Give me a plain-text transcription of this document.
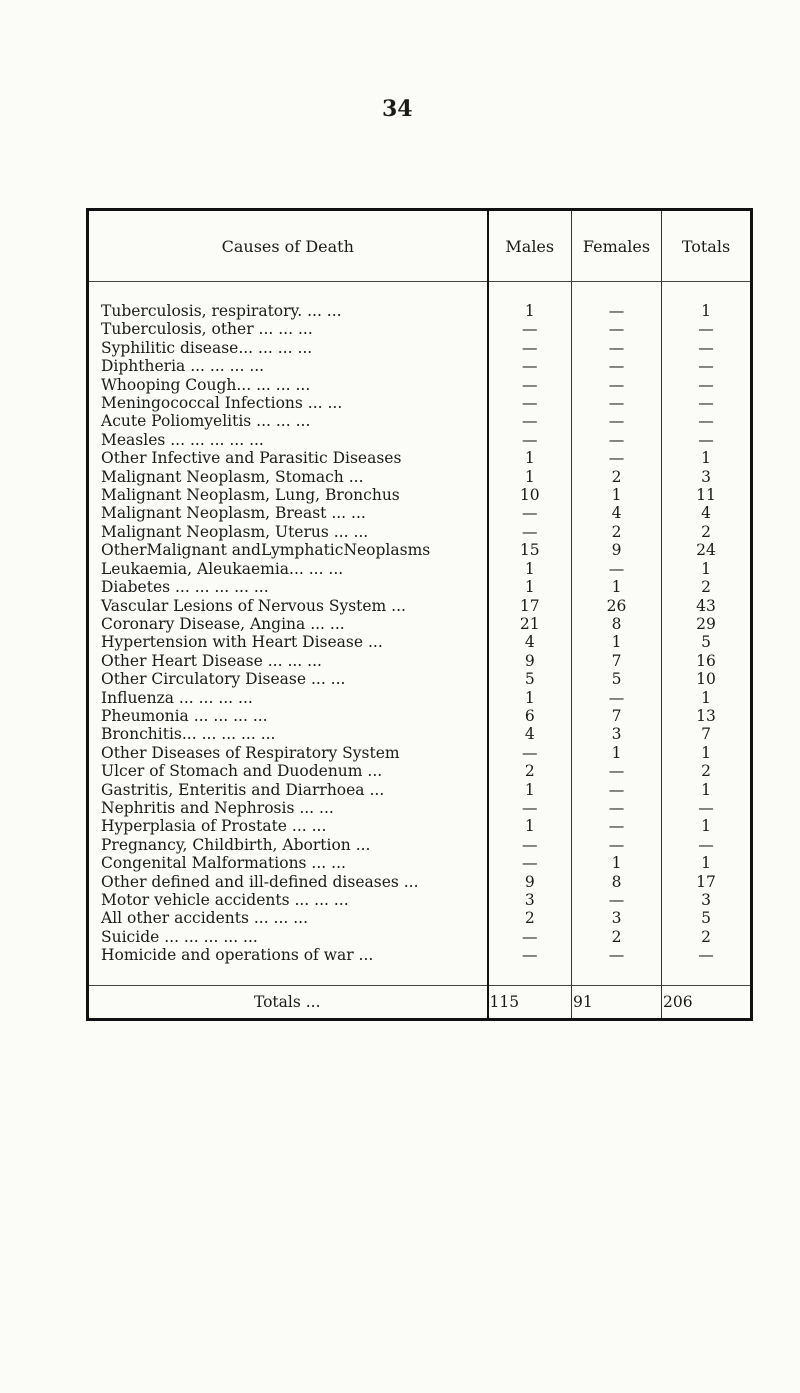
34
Causes of Death	Males	Females	Totals

Tuberculosis, respiratory. ... ...	1	—	1
Tuberculosis, other ... ... ...	—	—	—
Syphilitic disease... ... ... ...	—	—	—
Diphtheria ... ... ... ...	—	—	—
Whooping Cough... ... ... ...	—	—	—
Meningococcal Infections ... ...	—	—	—
Acute Poliomyelitis ... ... ...	—	—	—
Measles ... ... ... ... ...	—	—	—
Other Infective and Parasitic Diseases	1	—	1
Malignant Neoplasm, Stomach ...	1	2	3
Malignant Neoplasm, Lung, Bronchus	10	1	11
Malignant Neoplasm, Breast ... ...	—	4	4
Malignant Neoplasm, Uterus ... ...	—	2	2
OtherMalignant andLymphaticNeoplasms	15	9	24
Leukaemia, Aleukaemia... ... ...	1	—	1
Diabetes ... ... ... ... ...	1	1	2
Vascular Lesions of Nervous System ...	17	26	43
Coronary Disease, Angina ... ...	21	8	29
Hypertension with Heart Disease ...	4	1	5
Other Heart Disease ... ... ...	9	7	16
Other Circulatory Disease ... ...	5	5	10
Influenza ... ... ... ...	1	—	1
Pheumonia ... ... ... ...	6	7	13
Bronchitis... ... ... ... ...	4	3	7
Other Diseases of Respiratory System	—	1	1
Ulcer of Stomach and Duodenum ...	2	—	2
Gastritis, Enteritis and Diarrhoea ...	1	—	1
Nephritis and Nephrosis ... ...	—	—	—
Hyperplasia of Prostate ... ...	1	—	1
Pregnancy, Childbirth, Abortion ...	—	—	—
Congenital Malformations ... ...	—	1	1
Other defined and ill-defined diseases ...	9	8	17
Motor vehicle accidents ... ... ...	3	—	3
All other accidents ... ... ...	2	3	5
Suicide ... ... ... ... ...	—	2	2
Homicide and operations of war ...	—	—	—

Totals ...	115	91	206
